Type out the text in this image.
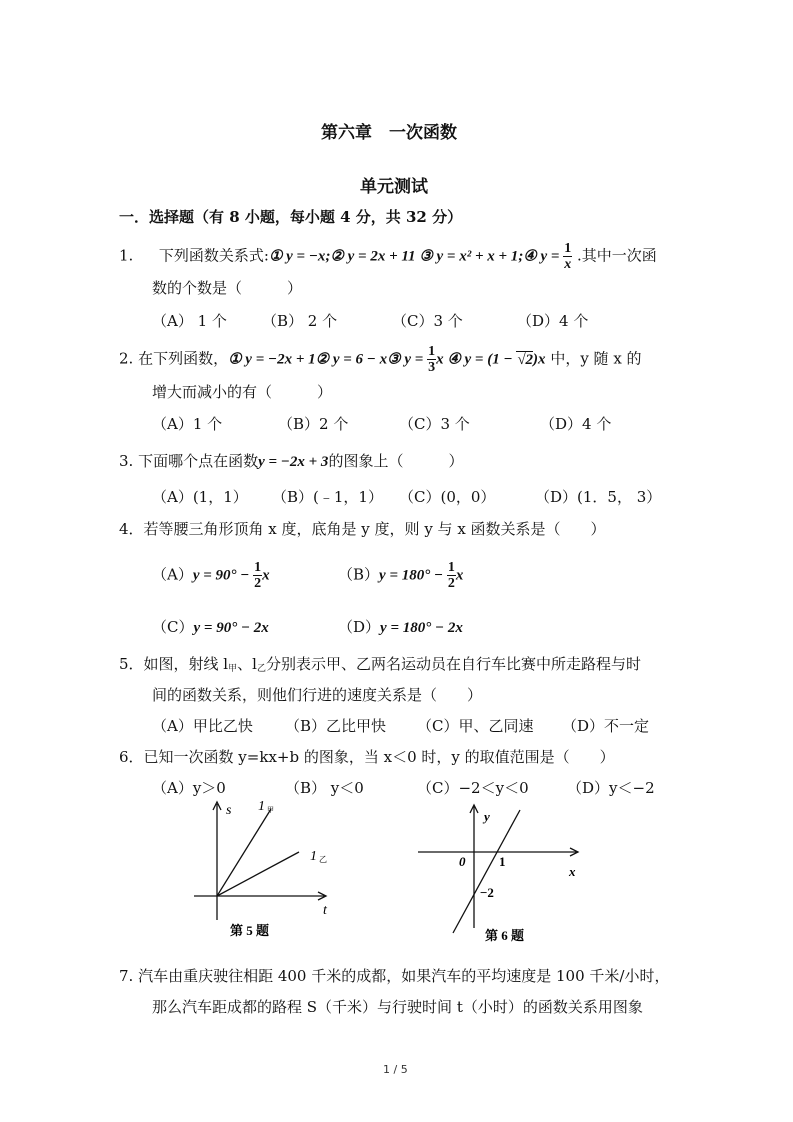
第六章　一次函数
单元测试
一．选择题（有 8 小题，每小题 4 分，共 32 分）
1. 下列函数关系式:① y = −x;② y = 2x + 11 ③ y = x² + x + 1;④ $y = \frac{1}{x}$ .其中一次函
数的个数是（　　　）
（A） 1 个 （B） 2 个	（C）3 个	（D）4 个
2. 在下列函数，① y = −2x + 1② y = 6 − x③ $y = \frac{1}{3}$ x ④ y = (1 − √2)x 中，y 随 x 的
增大而减小的有（　　　）
（A）1 个	（B）2 个	（C）3 个	（D）4 个
3. 下面哪个点在函数y = −2x + 3的图象上（　　　）
（A）(1，1） （B）(﹣1，1） （C）(0，0）	（D）(1．5， 3）
4．若等腰三角形顶角 x 度，底角是 y 度，则 y 与 x 函数关系是（　　）
$(A)y = 90^\circ - \frac{1}{2}$ x	$(B)y = 180^\circ - \frac{1}{2}$ x
（C）y = 90° − 2x	（D）y = 180° − 2x
5．如图，射线 $l_甲$、$l_乙$分别表示甲、乙两名运动员在自行车比赛中所走路程与时
间的函数关系，则他们行进的速度关系是（　　）
（A）甲比乙快 （B）乙比甲快 （C）甲、乙同速 （D）不一定
6．已知一次函数 y=kx+b 的图象，当 x＜0 时，y 的取值范围是（　　）
（A）y＞0	（B） y＜0	（C）−2＜y＜0	（D）y＜−2
s 1 甲
1 乙
t
第 5 题
y
0	1
−2
x
第 6 题
7. 汽车由重庆驶往相距 400 千米的成都，如果汽车的平均速度是 100 千米/小时，
那么汽车距成都的路程 S（千米）与行驶时间 t（小时）的函数关系用图象
1 / 5
